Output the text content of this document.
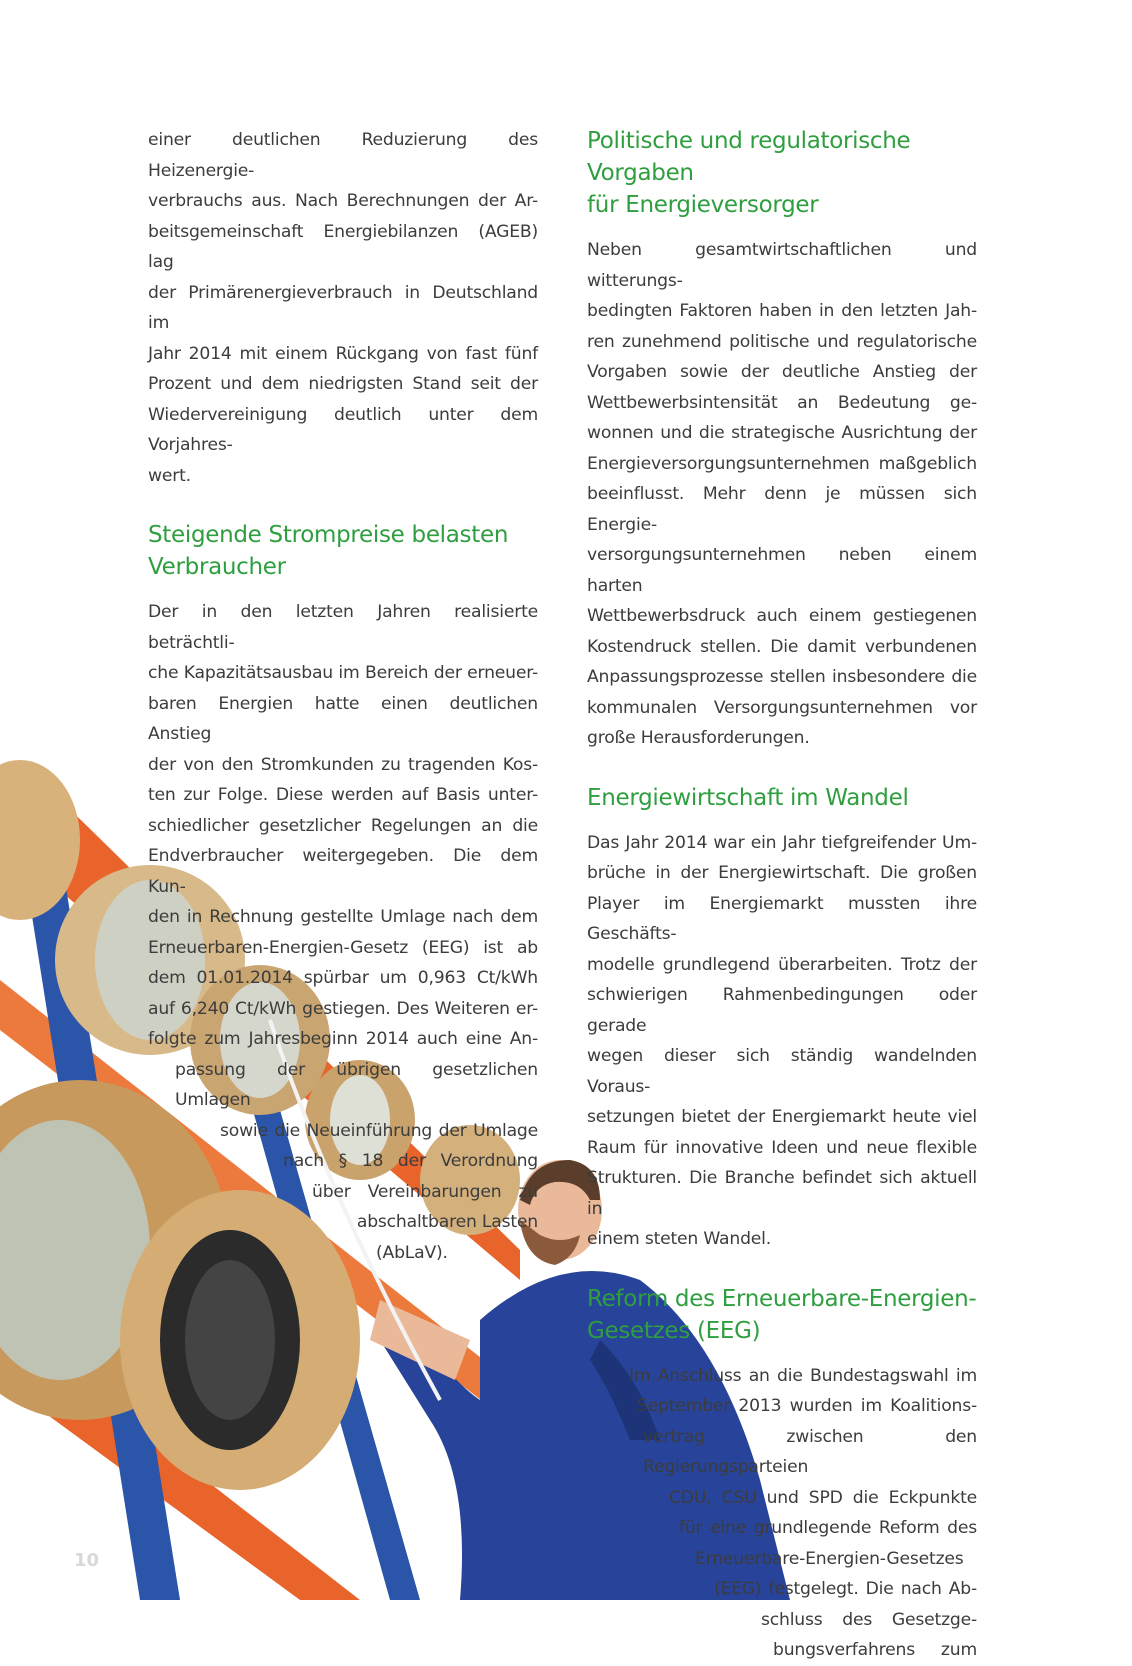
10
einer deutlichen Reduzierung des Heizenergie-
verbrauchs aus. Nach Berechnungen der Ar-
beitsgemeinschaft Energiebilanzen (AGEB) lag
der Primärenergieverbrauch in Deutschland im
Jahr 2014 mit einem Rückgang von fast fünf
Prozent und dem niedrigsten Stand seit der
Wiedervereinigung deutlich unter dem Vorjahres-
wert.
Steigende Strompreise belasten
Verbraucher
Der in den letzten Jahren realisierte beträchtli-
che Kapazitätsausbau im Bereich der erneuer-
baren Energien hatte einen deutlichen Anstieg
der von den Stromkunden zu tragenden Kos-
ten zur Folge. Diese werden auf Basis unter-
schiedlicher gesetzlicher Regelungen an die
Endverbraucher weitergegeben. Die dem Kun-
den in Rechnung gestellte Umlage nach dem
Erneuerbaren-Energien-Gesetz (EEG) ist ab
dem 01.01.2014 spürbar um 0,963 Ct/kWh
auf 6,240 Ct/kWh gestiegen. Des Weiteren er-
folgte zum Jahresbeginn 2014 auch eine An-
passung der übrigen gesetzlichen Umlagen
sowie die Neueinführung der Umlage
nach § 18 der Verordnung
über Vereinbarungen zu
abschaltbaren Lasten
(AbLaV).
Politische und regulatorische Vorgaben
für Energieversorger
Neben gesamtwirtschaftlichen und witterungs-
bedingten Faktoren haben in den letzten Jah-
ren zunehmend politische und regulatorische
Vorgaben sowie der deutliche Anstieg der
Wettbewerbsintensität an Bedeutung ge-
wonnen und die strategische Ausrichtung der
Energieversorgungsunternehmen maßgeblich
beeinflusst. Mehr denn je müssen sich Energie-
versorgungsunternehmen neben einem harten
Wettbewerbsdruck auch einem gestiegenen
Kostendruck stellen. Die damit verbundenen
Anpassungsprozesse stellen insbesondere die
kommunalen Versorgungsunternehmen vor
große Herausforderungen.
Energiewirtschaft im Wandel
Das Jahr 2014 war ein Jahr tiefgreifender Um-
brüche in der Energiewirtschaft. Die großen
Player im Energiemarkt mussten ihre Geschäfts-
modelle grundlegend überarbeiten. Trotz der
schwierigen Rahmenbedingungen oder gerade
wegen dieser sich ständig wandelnden Voraus-
setzungen bietet der Energiemarkt heute viel
Raum für innovative Ideen und neue flexible
Strukturen. Die Branche befindet sich aktuell in
einem steten Wandel.
Reform des Erneuerbare-Energien-
Gesetzes (EEG)
Im Anschluss an die Bundestagswahl im
September 2013 wurden im Koalitions-
vertrag zwischen den Regierungsparteien
CDU, CSU und SPD die Eckpunkte
für eine grundlegende Reform des
Erneuerbare-Energien-Gesetzes
(EEG) festgelegt. Die nach Ab-
schluss des Gesetzge-
bungsverfahrens zum
